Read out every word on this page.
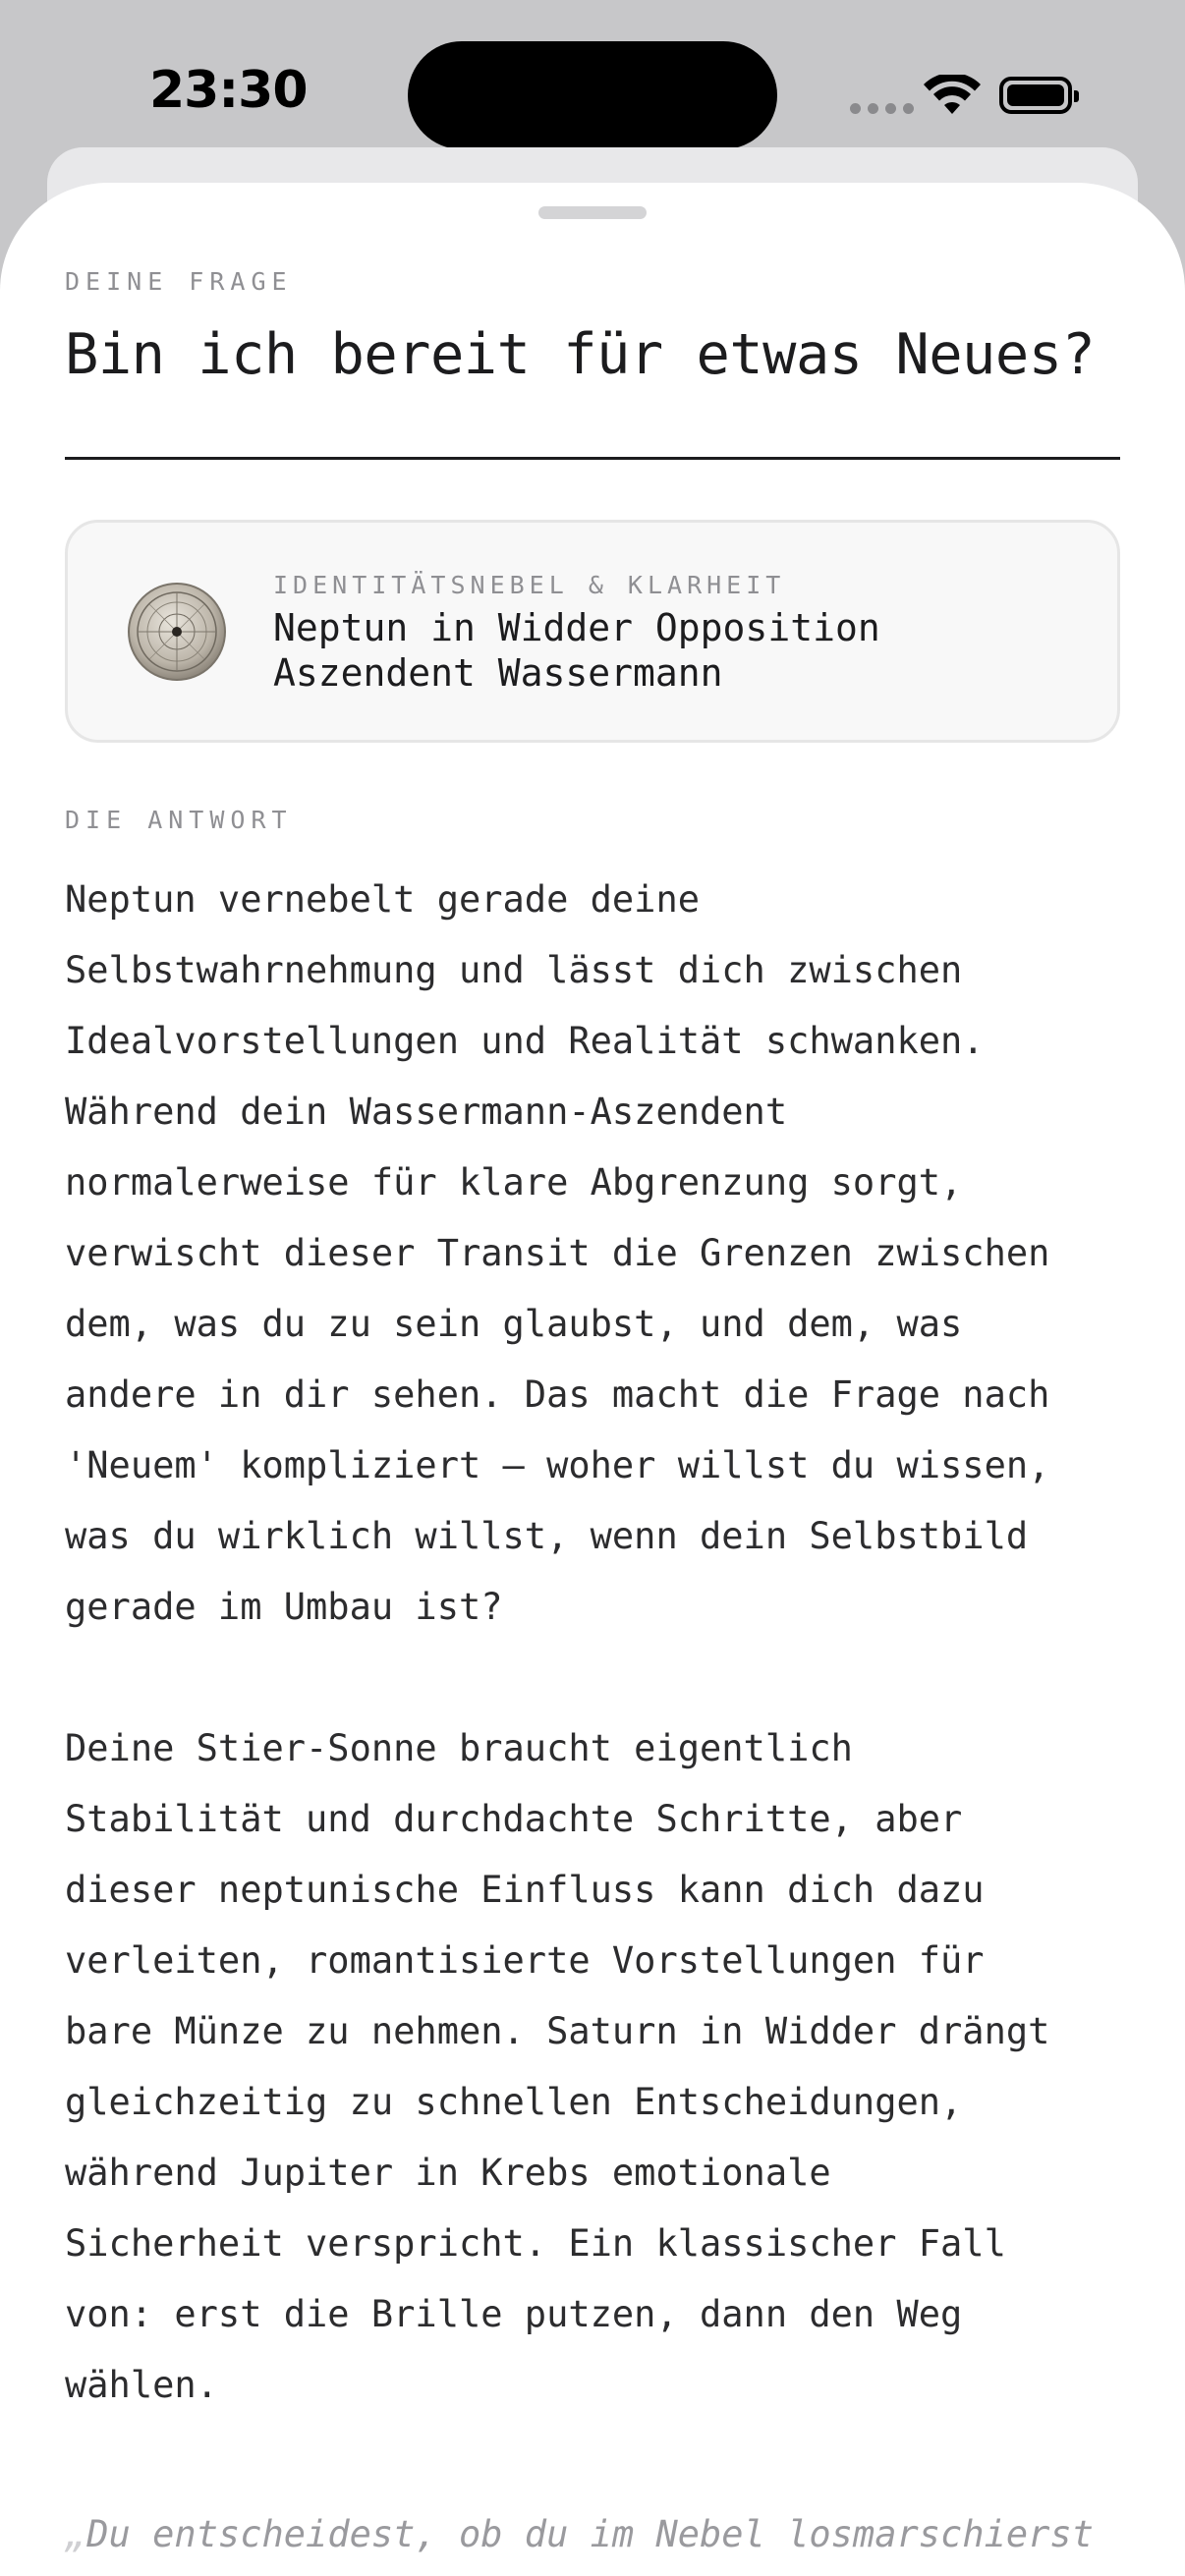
23:30
DEINE FRAGE
Bin ich bereit für etwas Neues?
IDENTITÄTSNEBEL & KLARHEIT
Neptun in Widder Opposition
Aszendent Wassermann
DIE ANTWORT

Neptun vernebelt gerade deine

Selbstwahrnehmung und lässt dich zwischen

Idealvorstellungen und Realität schwanken.

Während dein Wassermann-Aszendent

normalerweise für klare Abgrenzung sorgt,

verwischt dieser Transit die Grenzen zwischen

dem, was du zu sein glaubst, und dem, was

andere in dir sehen. Das macht die Frage nach

'Neuem' kompliziert – woher willst du wissen,

was du wirklich willst, wenn dein Selbstbild

gerade im Umbau ist?

Deine Stier-Sonne braucht eigentlich

Stabilität und durchdachte Schritte, aber

dieser neptunische Einfluss kann dich dazu

verleiten, romantisierte Vorstellungen für

bare Münze zu nehmen. Saturn in Widder drängt

gleichzeitig zu schnellen Entscheidungen,

während Jupiter in Krebs emotionale

Sicherheit verspricht. Ein klassischer Fall

von: erst die Brille putzen, dann den Weg

wählen.

„Du entscheidest, ob du im Nebel losmarschierst
